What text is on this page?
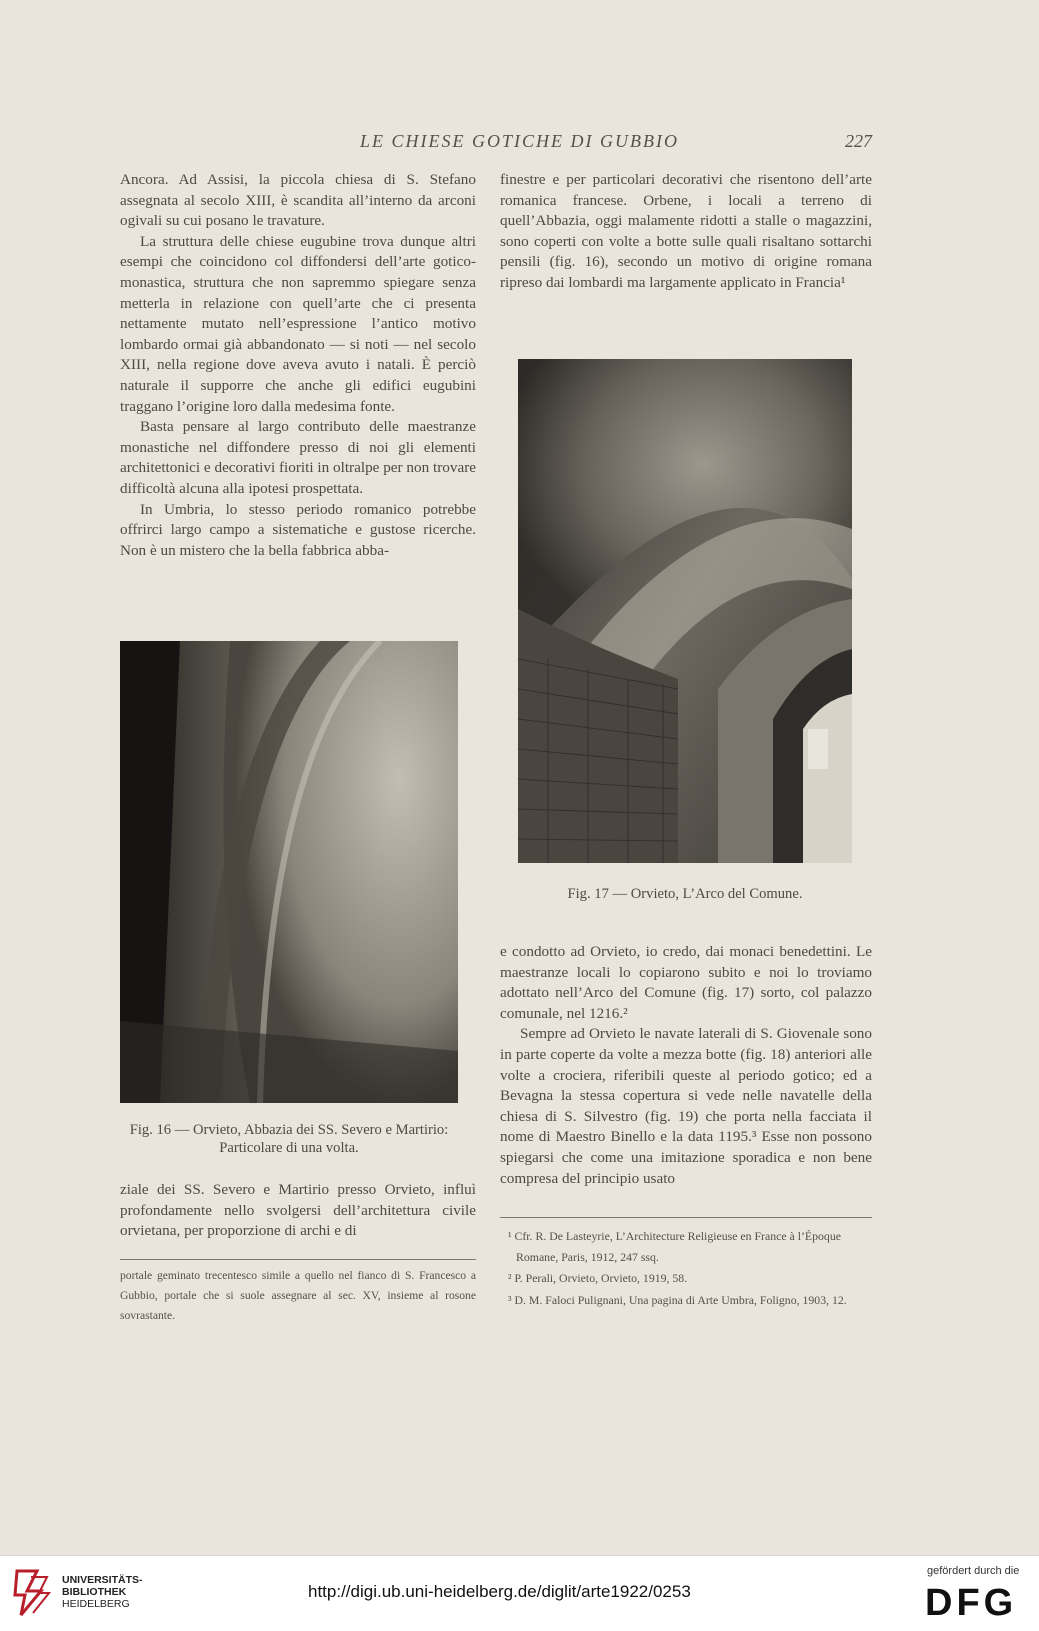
LE CHIESE GOTICHE DI GUBBIO	227

Ancora. Ad Assisi, la piccola chiesa di S. Stefano assegnata al secolo XIII, è scandita all’interno da arconi ogivali su cui posano le travature.

La struttura delle chiese eugubine trova dunque altri esempi che coincidono col diffondersi dell’arte gotico-monastica, struttura che non sapremmo spiegare senza metterla in relazione con quell’arte che ci presenta nettamente mutato nell’espressione l’antico motivo lombardo ormai già abbandonato — si noti — nel secolo XIII, nella regione dove aveva avuto i natali. È perciò naturale il supporre che anche gli edifici eugubini traggano l’origine loro dalla medesima fonte.

Basta pensare al largo contributo delle maestranze monastiche nel diffondere presso di noi gli elementi architettonici e decorativi fioriti in oltralpe per non trovare difficoltà alcuna alla ipotesi prospettata.

In Umbria, lo stesso periodo romanico potrebbe offrirci largo campo a sistematiche e gustose ricerche. Non è un mistero che la bella fabbrica abba-

finestre e per particolari decorativi che risentono dell’arte romanica francese. Orbene, i locali a terreno di quell’Abbazia, oggi malamente ridotti a stalle o magazzini, sono coperti con volte a botte sulle quali risaltano sottarchi pensili (fig. 16), secondo un motivo di origine romana ripreso dai lombardi ma largamente applicato in Francia¹

Fig. 17 — Orvieto, L’Arco del Comune.
Fig. 16 — Orvieto, Abbazia dei SS. Severo e Martirio:
Particolare di una volta.

ziale dei SS. Severo e Martirio presso Orvieto, influì profondamente nello svolgersi dell’architettura civile orvietana, per proporzione di archi e di

e condotto ad Orvieto, io credo, dai monaci benedettini. Le maestranze locali lo copiarono subito e noi lo troviamo adottato nell’Arco del Comune (fig. 17) sorto, col palazzo comunale, nel 1216.²

Sempre ad Orvieto le navate laterali di S. Giovenale sono in parte coperte da volte a mezza botte (fig. 18) anteriori alle volte a crociera, riferibili queste al periodo gotico; ed a Bevagna la stessa copertura si vede nelle navatelle della chiesa di S. Silvestro (fig. 19) che porta nella facciata il nome di Maestro Binello e la data 1195.³ Esse non possono spiegarsi che come una imitazione sporadica e non bene compresa del principio usato

portale geminato trecentesco simile a quello nel fianco di S. Francesco a Gubbio, portale che si suole assegnare al sec. XV, insieme al rosone sovrastante.

¹ Cfr. R. De Lasteyrie, L’Architecture Religieuse en France à l’Époque Romane, Paris, 1912, 247 ssq.

² P. Perali, Orvieto, Orvieto, 1919, 58.

³ D. M. Faloci Pulignani, Una pagina di Arte Umbra, Foligno, 1903, 12.

UNIVERSITÄTS-
BIBLIOTHEK
HEIDELBERG
http://digi.ub.uni-heidelberg.de/diglit/arte1922/0253
gefördert durch die
DFG
